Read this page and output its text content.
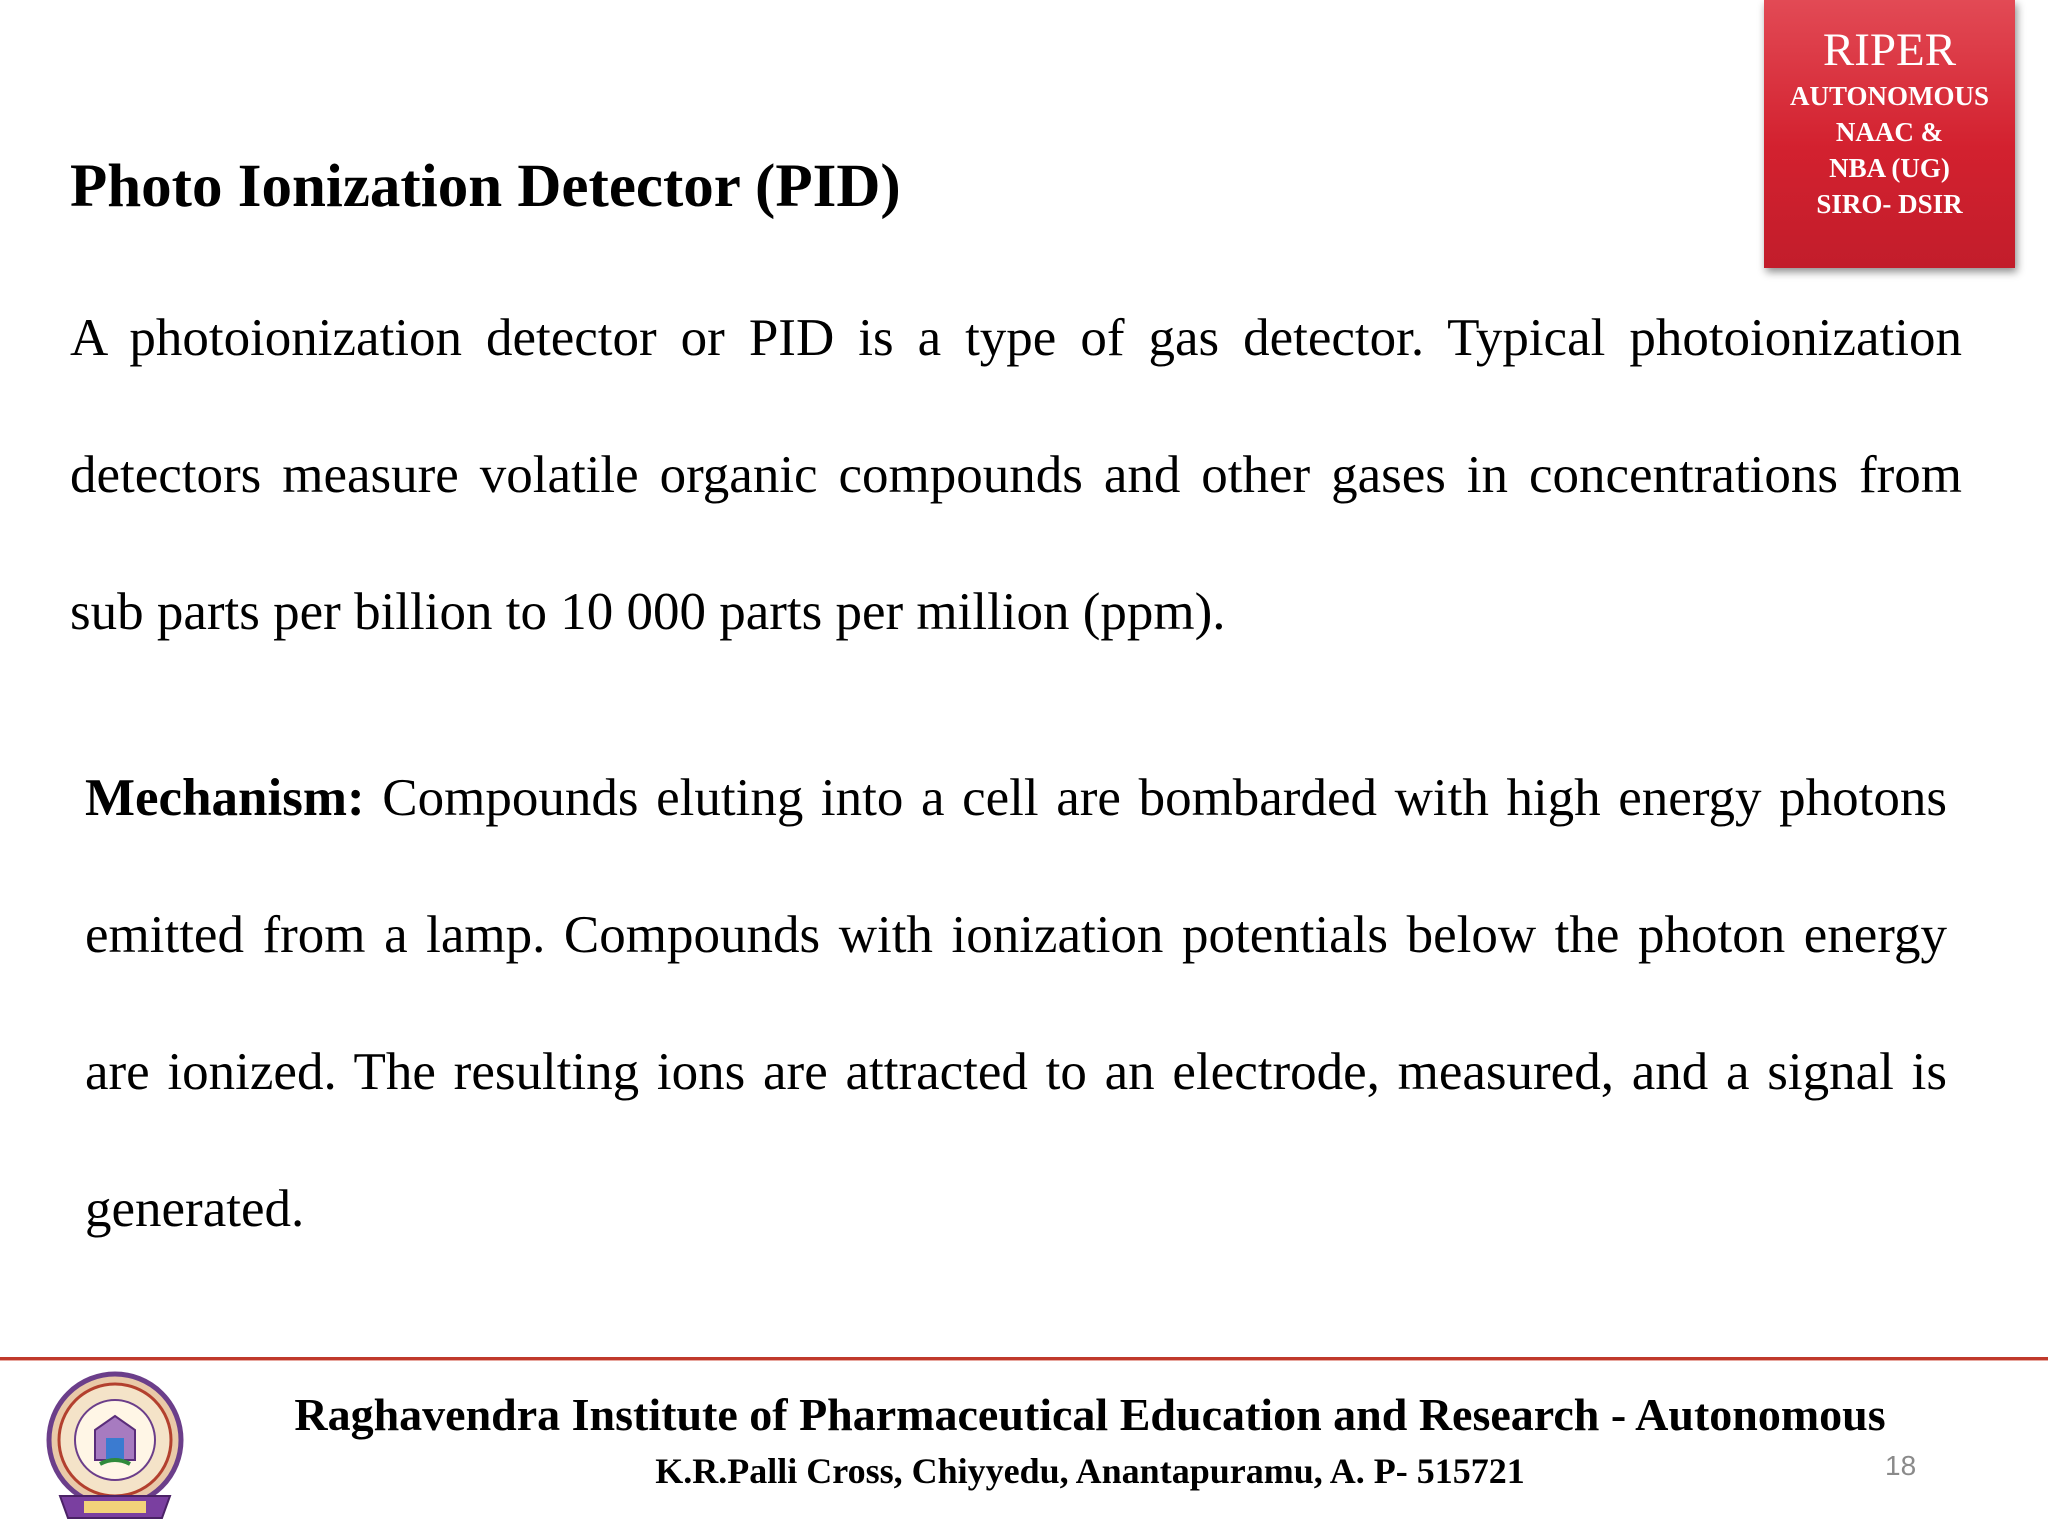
RIPER
AUTONOMOUS
NAAC &
NBA (UG)
SIRO- DSIR
Photo Ionization Detector (PID)
A photoionization detector or PID is a type of gas detector. Typical photoionization detectors measure volatile organic compounds and other gases in concentrations from sub parts per billion to 10 000 parts per million (ppm).
Mechanism: Compounds eluting into a cell are bombarded with high energy photons emitted from a lamp. Compounds with ionization potentials below the photon energy are ionized. The resulting ions are attracted to an electrode, measured, and a signal is generated.
Raghavendra Institute of Pharmaceutical Education and Research - Autonomous
K.R.Palli Cross, Chiyyedu, Anantapuramu, A. P- 515721	18
